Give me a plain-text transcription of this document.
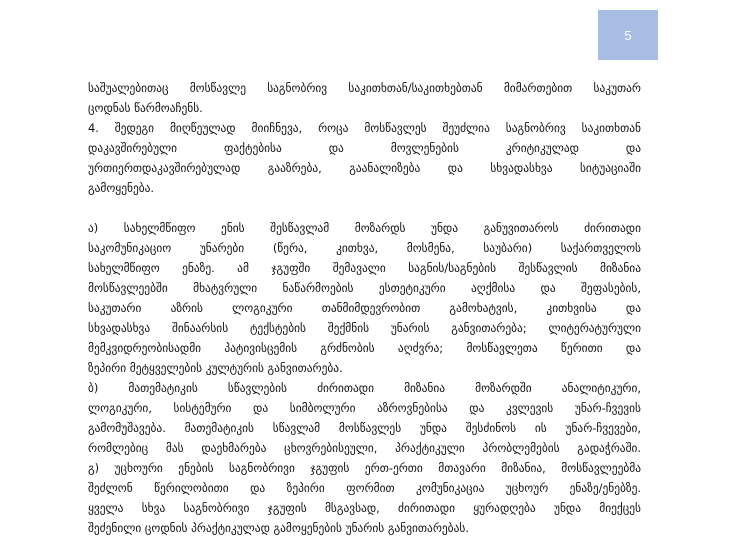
5
საშუალებითაც მოსწავლე საგნობრივ საკითხთან/საკითხებთან მიმართებით საკუთარ
ცოდნას წარმოაჩენს.
4. შედეგი მიღწეულად მიიჩნევა, როცა მოსწავლეს შეუძლია საგნობრივ საკითხთან
დაკავშირებული ფაქტებისა და მოვლენების კრიტიკულად და
ურთიერთდაკავშირებულად გააზრება, გაანალიზება და სხვადასხვა სიტუაციაში
გამოყენება.
ა) სახელმწიფო ენის შესწავლამ მოზარდს უნდა განუვითაროს ძირითადი
საკომუნიკაციო უნარები (წერა, კითხვა, მოსმენა, საუბარი) საქართველოს
სახელმწიფო ენაზე. ამ ჯგუფში შემავალი საგნის/საგნების შესწავლის მიზანია
მოსწავლეებში მხატვრული ნაწარმოების ესთეტიკური აღქმისა და შეფასების,
საკუთარი აზრის ლოგიკური თანმიმდევრობით გამოხატვის, კითხვისა და
სხვადასხვა შინაარსის ტექსტების შექმნის უნარის განვითარება; ლიტერატურული
მემკვიდრეობისადმი პატივისცემის გრძნობის აღძვრა; მოსწავლეთა წერითი და
ზეპირი მეტყველების კულტურის განვითარება.
ბ) მათემატიკის სწავლების ძირითადი მიზანია მოზარდში ანალიტიკური,
ლოგიკური, სისტემური და სიმბოლური აზროვნებისა და კვლევის უნარ-ჩვევის
გამომუშავება. მათემატიკის სწავლამ მოსწავლეს უნდა შესძინოს ის უნარ-ჩვევები,
რომლებიც მას დაეხმარება ცხოვრებისეული, პრაქტიკული პრობლემების გადაჭრაში.
გ) უცხოური ენების საგნობრივი ჯგუფის ერთ-ერთი მთავარი მიზანია, მოსწავლეებმა
შეძლონ წერილობითი და ზეპირი ფორმით კომუნიკაცია უცხოურ ენაზე/ენებზე.
ყველა სხვა საგნობრივი ჯგუფის მსგავსად, ძირითადი ყურადღება უნდა მიექცეს
შეძენილი ცოდნის პრაქტიკულად გამოყენების უნარის განვითარებას.
